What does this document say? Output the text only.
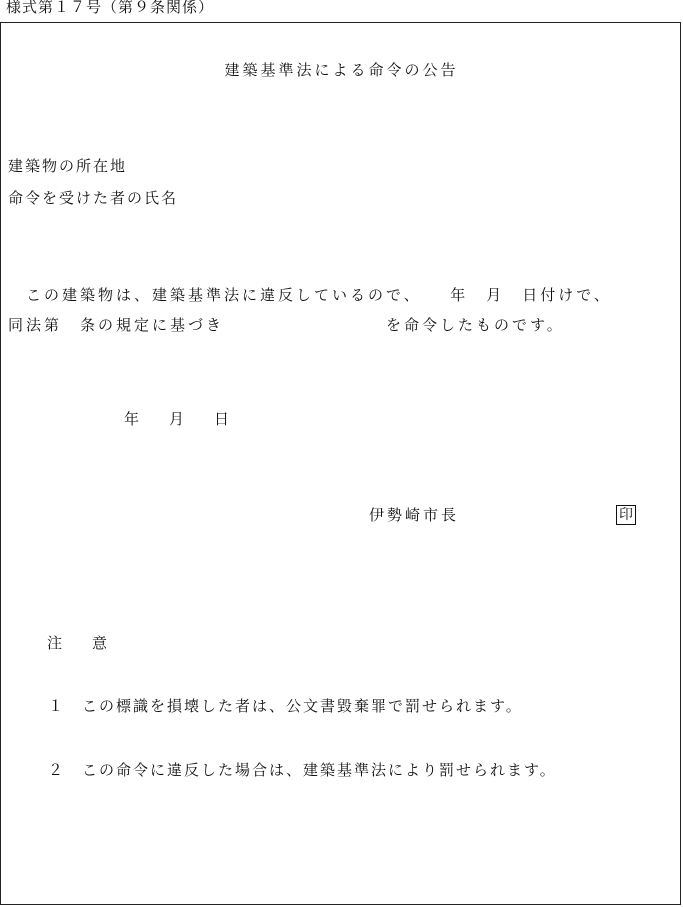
様式第１７号（第９条関係）
建築基準法による命令の公告
建築物の所在地
命令を受けた者の氏名
　この建築物は、建築基準法に違反しているので、　　年　月　日付けで、
同法第　条の規定に基づき　　　　　　　　　を命令したものです。
年　　月　　日
伊勢崎市長	印
注　　意
１　この標識を損壊した者は、公文書毀棄罪で罰せられます。
２　この命令に違反した場合は、建築基準法により罰せられます。
